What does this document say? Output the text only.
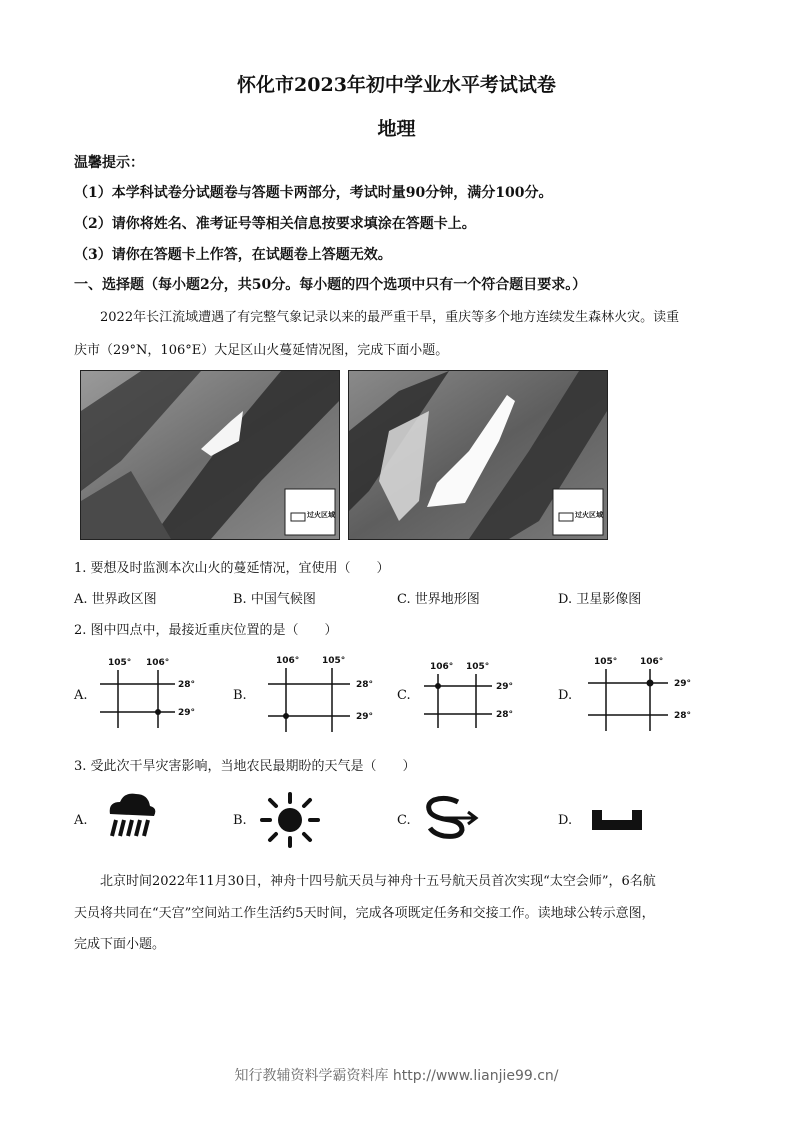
怀化市2023年初中学业水平考试试卷
地理
温馨提示：
（1）本学科试卷分试题卷与答题卡两部分，考试时量90分钟，满分100分。
（2）请你将姓名、准考证号等相关信息按要求填涂在答题卡上。
（3）请你在答题卡上作答，在试题卷上答题无效。
一、选择题（每小题2分，共50分。每小题的四个选项中只有一个符合题目要求。）
2022年长江流域遭遇了有完整气象记录以来的最严重干旱，重庆等多个地方连续发生森林火灾。读重
庆市（29°N，106°E）大足区山火蔓延情况图，完成下面小题。
过火区域	过火区域
1. 要想及时监测本次山火的蔓延情况，宜使用（　　）
A. 世界政区图	B. 中国气候图	C. 世界地形图	D. 卫星影像图
2. 图中四点中，最接近重庆位置的是（　　）
A.
105° 106°
28°
29°
B.
106°	105°
28°
29°
C.
106° 105°
29°
28°
D.
105°	106°
29°
28°
3. 受此次干旱灾害影响，当地农民最期盼的天气是（　　）
A.	B.	C.	D.
北京时间2022年11月30日，神舟十四号航天员与神舟十五号航天员首次实现“太空会师”，6名航
天员将共同在“天宫”空间站工作生活约5天时间，完成各项既定任务和交接工作。读地球公转示意图，
完成下面小题。
知行教辅资料学霸资料库 http://www.lianjie99.cn/
